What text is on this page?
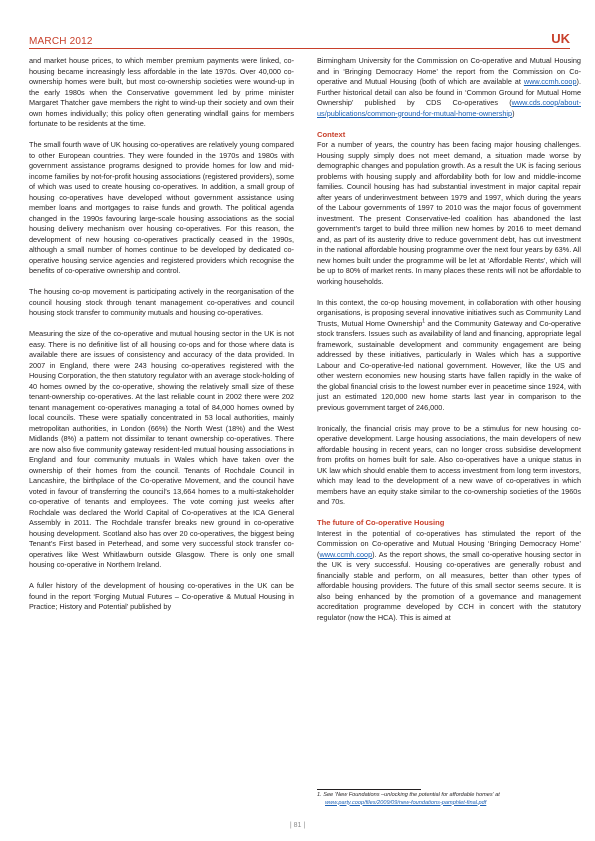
MARCH 2012	UK

and market house prices, to which member premium payments were linked, co-housing became increasingly less affordable in the late 1970s. Over 40,000 co-ownership homes were built, but most co-ownership societies were wound-up in the early 1980s when the Conservative government led by prime minister Margaret Thatcher gave members the right to wind-up their society and own their own homes individually; this policy often generating windfall gains for members fortunate to be residents at the time.

The small fourth wave of UK housing co-operatives are relatively young compared to other European countries. They were founded in the 1970s and 1980s with government assistance programs designed to provide homes for low and mid-income families by not-for-profit housing associations (registered providers), some of which was used to create housing co-operatives. In addition, a small group of housing co-operatives have developed without government assistance using member loans and mortgages to raise funds and growth. The political agenda changed in the 1990s favouring large-scale housing associations as the social housing delivery mechanism over housing co-operatives. For this reason, the development of new housing co-operatives practically ceased in the 1990s, although a small number of homes continue to be developed by dedicated co-operative housing service agencies and registered providers which recognise the benefits of co-operative ownership and control.

The housing co-op movement is participating actively in the reorganisation of the council housing stock through tenant management co-operatives and council housing stock transfer to community mutuals and housing co-operatives.

Measuring the size of the co-operative and mutual housing sector in the UK is not easy. There is no definitive list of all housing co-ops and for those where data is available there are issues of consistency and accuracy of the data provided. In 2007 in England, there were 243 housing co-operatives registered with the Housing Corporation, the then statutory regulator with an average stock-holding of 40 homes owned by the co-operative, showing the relatively small size of these tenant-ownership co-operatives. At the last reliable count in 2002 there were 202 tenant management co-operatives managing a total of 84,000 homes owned by local councils. These were spatially concentrated in 53 local authorities, mainly metropolitan authorities, in London (66%) the North West (18%) and the West Midlands (8%) a pattern not dissimilar to tenant ownership co-operatives. There are now also five community gateway resident-led mutual housing associations in England and four community mutuals in Wales which have taken over the ownership of their homes from the council. Tenants of Rochdale Council in Lancashire, the birthplace of the Co-operative Movement, and the council have voted in favour of transferring the council’s 13,664 homes to a multi-stakeholder co-operative of tenants and employees. The vote coming just weeks after Rochdale was declared the World Capital of Co-operatives at the ICA General Assembly in 2011. The Rochdale transfer breaks new ground in co-operative housing development. Scotland also has over 20 co-operatives, the biggest being Tenant’s First based in Peterhead, and some very successful stock transfer co-operatives like West Whitlawburn outside Glasgow. There is only one small housing co-operative in Northern Ireland.

A fuller history of the development of housing co-operatives in the UK can be found in the report ‘Forging Mutual Futures – Co-operative & Mutual Housing in Practice; History and Potential’ published by

Birmingham University for the Commission on Co-operative and Mutual Housing and in ‘Bringing Democracy Home’ the report from the Commission on Co-operative and Mutual Housing (both of which are available at www.ccmh.coop). Further historical detail can also be found in ‘Common Ground for Mutual Home Ownership’ published by CDS Co-operatives (www.cds.coop/about-us/publications/common-ground-for-mutual-home-ownership)

Context

For a number of years, the country has been facing major housing challenges. Housing supply simply does not meet demand, a situation made worse by demographic changes and population growth. As a result the UK is facing serious problems with housing supply and affordability both for low and middle-income families. Council housing has had substantial investment in major capital repair after years of underinvestment between 1979 and 1997, which during the years of the Labour governments of 1997 to 2010 was the major focus of government investment. The present Conservative-led coalition has abandoned the last government’s target to build three million new homes by 2016 to meet demand and, as part of its austerity drive to reduce government debt, has cut investment in the national affordable housing programme over the next four years by 63%. All new homes built under the programme will be let at ‘Affordable Rents’, which will be up to 80% of market rents. In many places these rents will not be affordable to working households.

In this context, the co-op housing movement, in collaboration with other housing organisations, is proposing several innovative initiatives such as Community Land Trusts, Mutual Home Ownership$^1$ and the Community Gateway and Co-operative stock transfers. Issues such as availability of land and financing, appropriate legal framework, sustainable development and community engagement are being addressed by these initiatives, particularly in Wales which has a supportive Labour and Co-operative-led national government. However, like the US and other western economies new housing starts have fallen rapidly in the wake of the global financial crisis to the lowest number ever in peacetime since 1924, with just an estimated 120,000 new home starts last year in comparison to the previous government target of 246,000.

Ironically, the financial crisis may prove to be a stimulus for new housing co-operative development. Large housing associations, the main developers of new affordable housing in recent years, can no longer cross subsidise development from profits on homes built for sale. Also co-operatives have a unique status in UK law which should enable them to access investment from long term investors, which may lead to the development of a new wave of co-operatives in which members have an equity stake similar to the co-ownership societies of the 1960s and 70s.

The future of Co-operative Housing

Interest in the potential of co-operatives has stimulated the report of the Commission on Co-operative and Mutual Housing ‘Bringing Democracy Home’ (www.ccmh.coop). As the report shows, the small co-operative housing sector in the UK is very successful. Housing co-operatives are generally robust and financially stable and perform, on all measures, better than other types of affordable housing providers. The future of this small sector seems secure. It is also being enhanced by the promotion of a governance and management accreditation programme developed by CCH in concert with the statutory regulator (now the HCA). This is aimed at

1. See ‘New Foundations –unlocking the potential for affordable homes’ at
www.party.coop/files/2009/09/new-foundations-pamphlet-final.pdf
| 81 |
